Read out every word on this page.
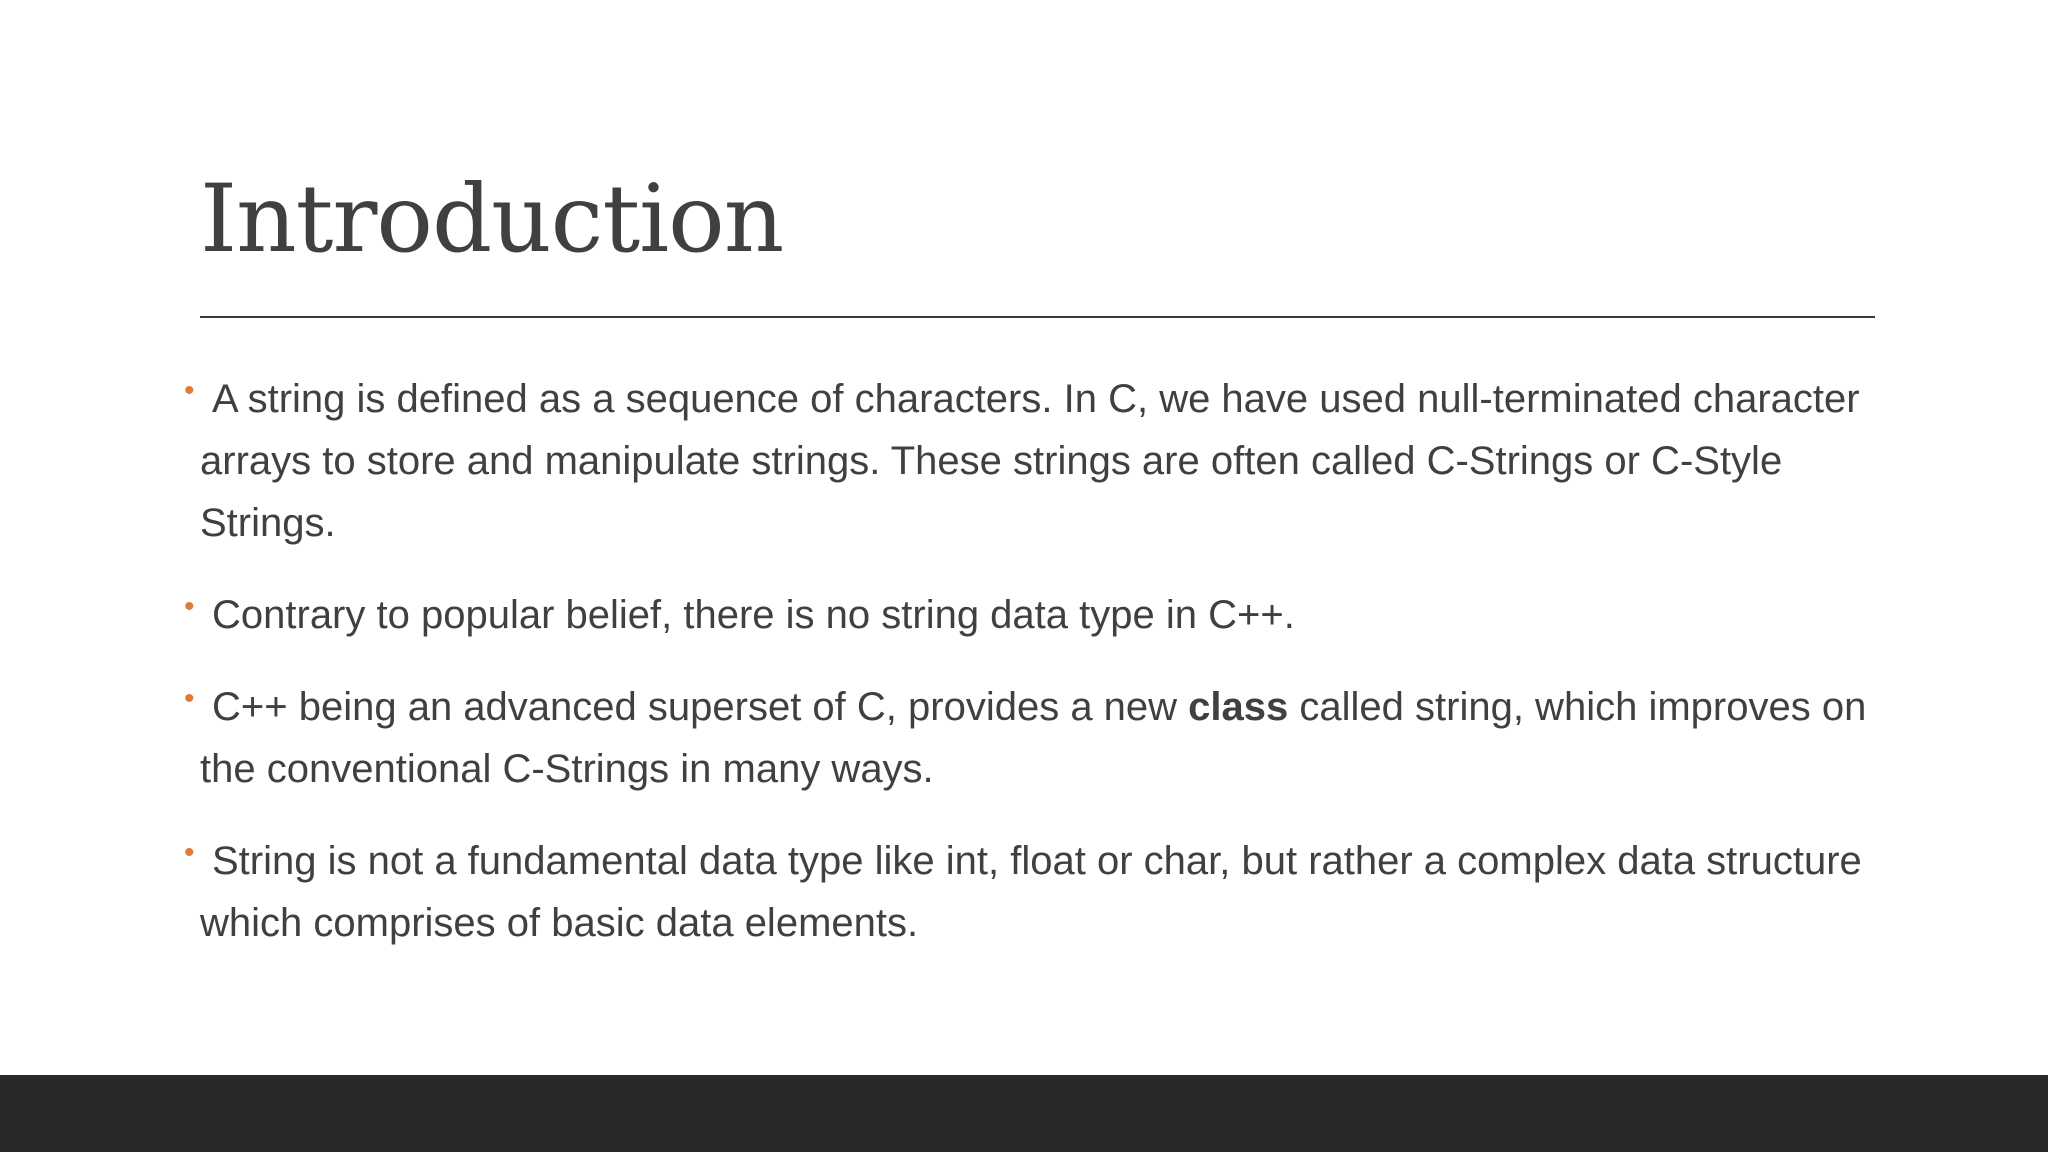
Introduction
• A string is defined as a sequence of characters. In C, we have used null-terminated character arrays to store and manipulate strings. These strings are often called C-Strings or C-Style Strings.
• Contrary to popular belief, there is no string data type in C++.
• C++ being an advanced superset of C, provides a new class called string, which improves on the conventional C-Strings in many ways.
• String is not a fundamental data type like int, float or char, but rather a complex data structure which comprises of basic data elements.
